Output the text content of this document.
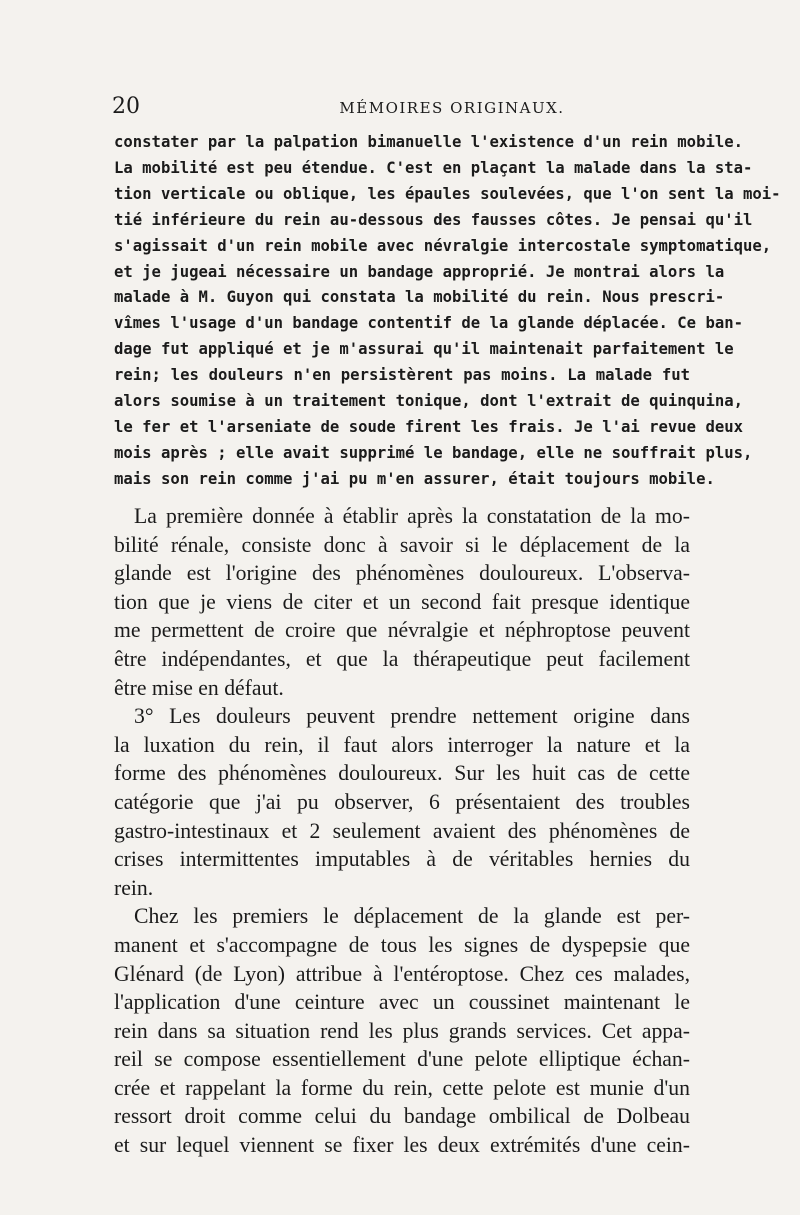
20	MÉMOIRES ORIGINAUX.
constater par la palpation bimanuelle l'existence d'un rein mobile.
La mobilité est peu étendue. C'est en plaçant la malade dans la sta-
tion verticale ou oblique, les épaules soulevées, que l'on sent la moi-
tié inférieure du rein au-dessous des fausses côtes. Je pensai qu'il
s'agissait d'un rein mobile avec névralgie intercostale symptomatique,
et je jugeai nécessaire un bandage approprié. Je montrai alors la
malade à M. Guyon qui constata la mobilité du rein. Nous prescri-
vîmes l'usage d'un bandage contentif de la glande déplacée. Ce ban-
dage fut appliqué et je m'assurai qu'il maintenait parfaitement le
rein; les douleurs n'en persistèrent pas moins. La malade fut
alors soumise à un traitement tonique, dont l'extrait de quinquina,
le fer et l'arseniate de soude firent les frais. Je l'ai revue deux
mois après ; elle avait supprimé le bandage, elle ne souffrait plus,
mais son rein comme j'ai pu m'en assurer, était toujours mobile.
La première donnée à établir après la constatation de la mo-
bilité rénale, consiste donc à savoir si le déplacement de la
glande est l'origine des phénomènes douloureux. L'observa-
tion que je viens de citer et un second fait presque identique
me permettent de croire que névralgie et néphroptose peuvent
être indépendantes, et que la thérapeutique peut facilement
être mise en défaut.
3° Les douleurs peuvent prendre nettement origine dans
la luxation du rein, il faut alors interroger la nature et la
forme des phénomènes douloureux. Sur les huit cas de cette
catégorie que j'ai pu observer, 6 présentaient des troubles
gastro-intestinaux et 2 seulement avaient des phénomènes de
crises intermittentes imputables à de véritables hernies du
rein.
Chez les premiers le déplacement de la glande est per-
manent et s'accompagne de tous les signes de dyspepsie que
Glénard (de Lyon) attribue à l'entéroptose. Chez ces malades,
l'application d'une ceinture avec un coussinet maintenant le
rein dans sa situation rend les plus grands services. Cet appa-
reil se compose essentiellement d'une pelote elliptique échan-
crée et rappelant la forme du rein, cette pelote est munie d'un
ressort droit comme celui du bandage ombilical de Dolbeau
et sur lequel viennent se fixer les deux extrémités d'une cein-
